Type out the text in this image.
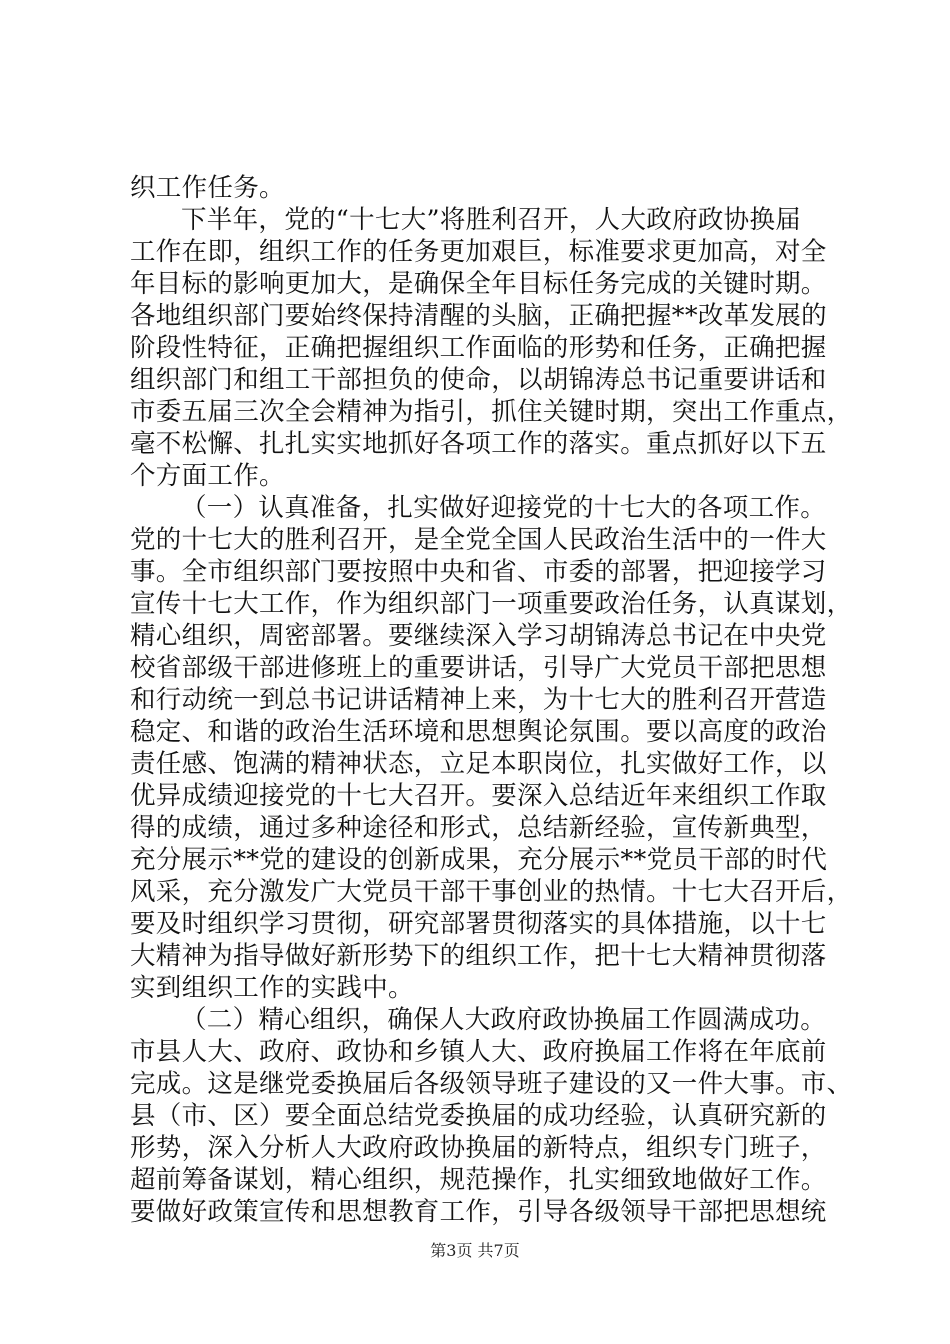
织工作任务。
下半年，党的“十七大”将胜利召开，人大政府政协换届
工作在即，组织工作的任务更加艰巨，标准要求更加高，对全
年目标的影响更加大，是确保全年目标任务完成的关键时期。
各地组织部门要始终保持清醒的头脑，正确把握**改革发展的
阶段性特征，正确把握组织工作面临的形势和任务，正确把握
组织部门和组工干部担负的使命，以胡锦涛总书记重要讲话和
市委五届三次全会精神为指引，抓住关键时期，突出工作重点，
毫不松懈、扎扎实实地抓好各项工作的落实。重点抓好以下五
个方面工作。
（一）认真准备，扎实做好迎接党的十七大的各项工作。
党的十七大的胜利召开，是全党全国人民政治生活中的一件大
事。全市组织部门要按照中央和省、市委的部署，把迎接学习
宣传十七大工作，作为组织部门一项重要政治任务，认真谋划，
精心组织，周密部署。要继续深入学习胡锦涛总书记在中央党
校省部级干部进修班上的重要讲话，引导广大党员干部把思想
和行动统一到总书记讲话精神上来，为十七大的胜利召开营造
稳定、和谐的政治生活环境和思想舆论氛围。要以高度的政治
责任感、饱满的精神状态，立足本职岗位，扎实做好工作，以
优异成绩迎接党的十七大召开。要深入总结近年来组织工作取
得的成绩，通过多种途径和形式，总结新经验，宣传新典型，
充分展示**党的建设的创新成果，充分展示**党员干部的时代
风采，充分激发广大党员干部干事创业的热情。十七大召开后，
要及时组织学习贯彻，研究部署贯彻落实的具体措施，以十七
大精神为指导做好新形势下的组织工作，把十七大精神贯彻落
实到组织工作的实践中。
（二）精心组织，确保人大政府政协换届工作圆满成功。
市县人大、政府、政协和乡镇人大、政府换届工作将在年底前
完成。这是继党委换届后各级领导班子建设的又一件大事。市、
县（市、区）要全面总结党委换届的成功经验，认真研究新的
形势，深入分析人大政府政协换届的新特点，组织专门班子，
超前筹备谋划，精心组织，规范操作，扎实细致地做好工作。
要做好政策宣传和思想教育工作，引导各级领导干部把思想统
第3页 共7页
